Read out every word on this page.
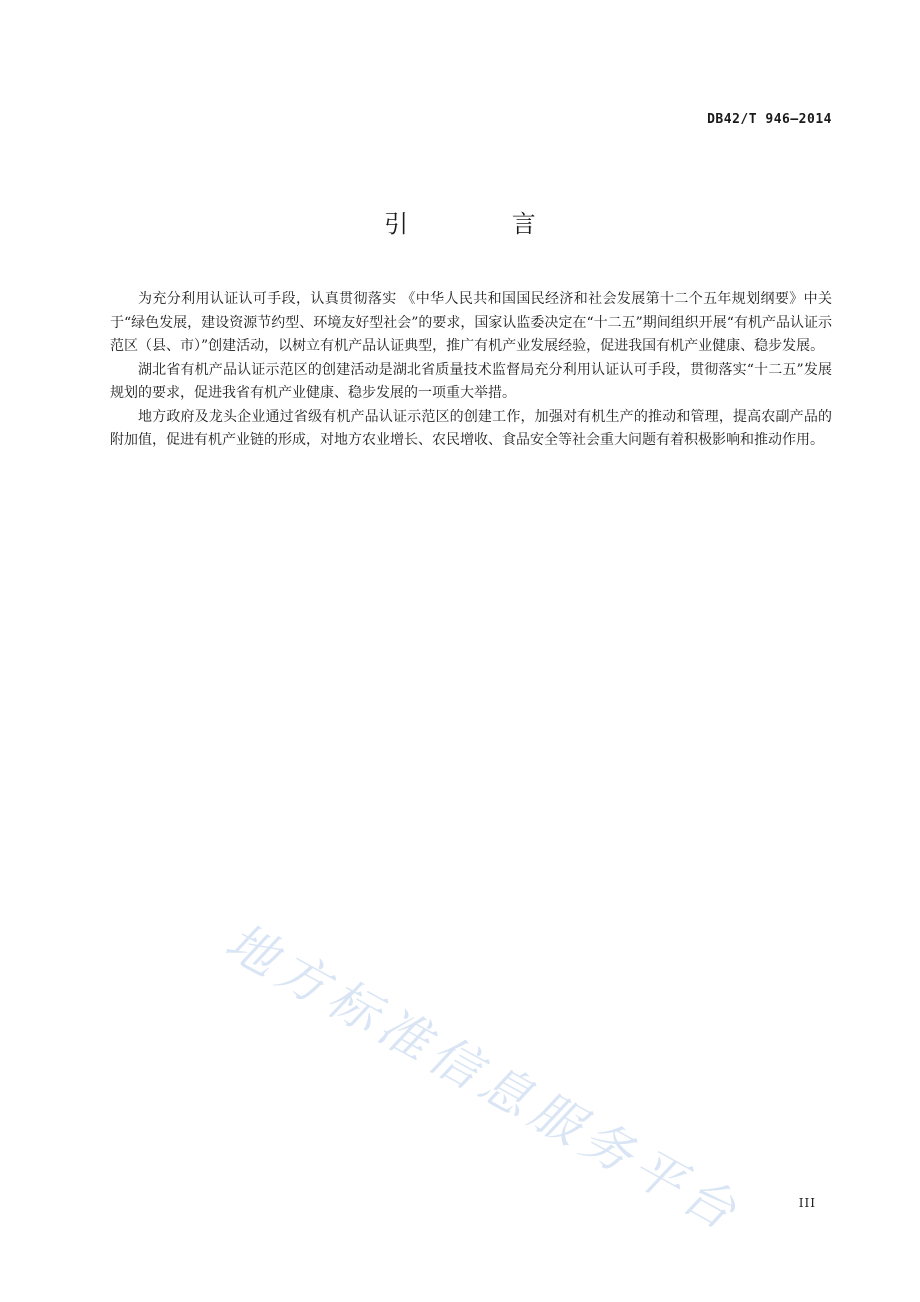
DB42/T 946—2014
引 言

为充分利用认证认可手段，认真贯彻落实 《中华人民共和国国民经济和社会发展第十二个五年规划纲要》中关于“绿色发展，建设资源节约型、环境友好型社会”的要求，国家认监委决定在“十二五”期间组织开展“有机产品认证示范区（县、市）”创建活动，以树立有机产品认证典型，推广有机产业发展经验，促进我国有机产业健康、稳步发展。

湖北省有机产品认证示范区的创建活动是湖北省质量技术监督局充分利用认证认可手段，贯彻落实“十二五”发展规划的要求，促进我省有机产业健康、稳步发展的一项重大举措。

地方政府及龙头企业通过省级有机产品认证示范区的创建工作，加强对有机生产的推动和管理，提高农副产品的附加值，促进有机产业链的形成，对地方农业增长、农民增收、食品安全等社会重大问题有着积极影响和推动作用。

地方标准信息服务平台	III
